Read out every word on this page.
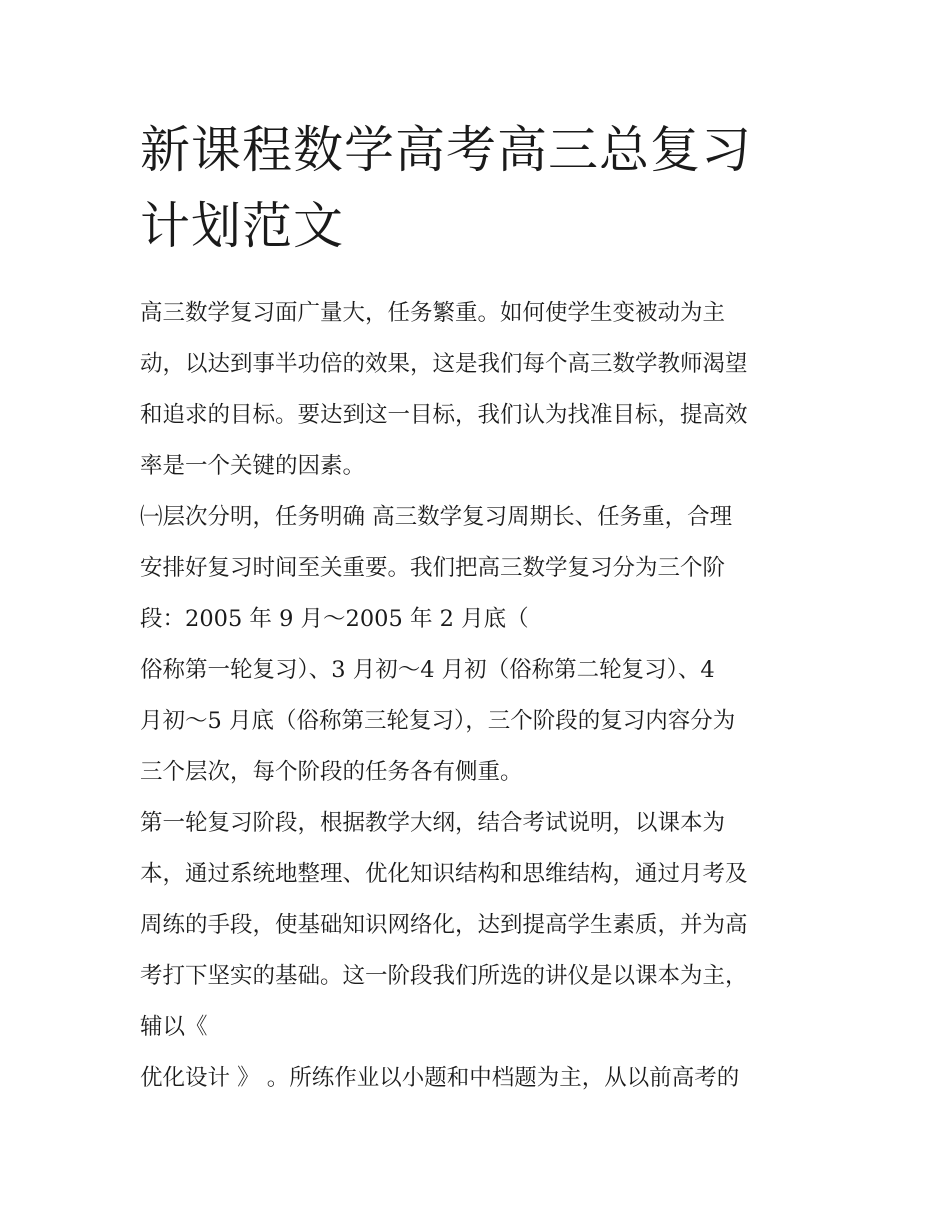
新课程数学高考高三总复习计划范文
高三数学复习面广量大，任务繁重。如何使学生变被动为主
动，以达到事半功倍的效果，这是我们每个高三数学教师渴望
和追求的目标。要达到这一目标，我们认为找准目标，提高效
率是一个关键的因素。
㈠层次分明，任务明确 高三数学复习周期长、任务重，合理
安排好复习时间至关重要。我们把高三数学复习分为三个阶
段：2005 年 9 月～2005 年 2 月底（
俗称第一轮复习）、3 月初～4 月初（俗称第二轮复习）、4
月初～5 月底（俗称第三轮复习），三个阶段的复习内容分为
三个层次，每个阶段的任务各有侧重。
第一轮复习阶段，根据教学大纲，结合考试说明，以课本为
本，通过系统地整理、优化知识结构和思维结构，通过月考及
周练的手段，使基础知识网络化，达到提高学生素质，并为高
考打下坚实的基础。这一阶段我们所选的讲仪是以课本为主，
辅以《
优化设计 》 。所练作业以小题和中档题为主，从以前高考的
